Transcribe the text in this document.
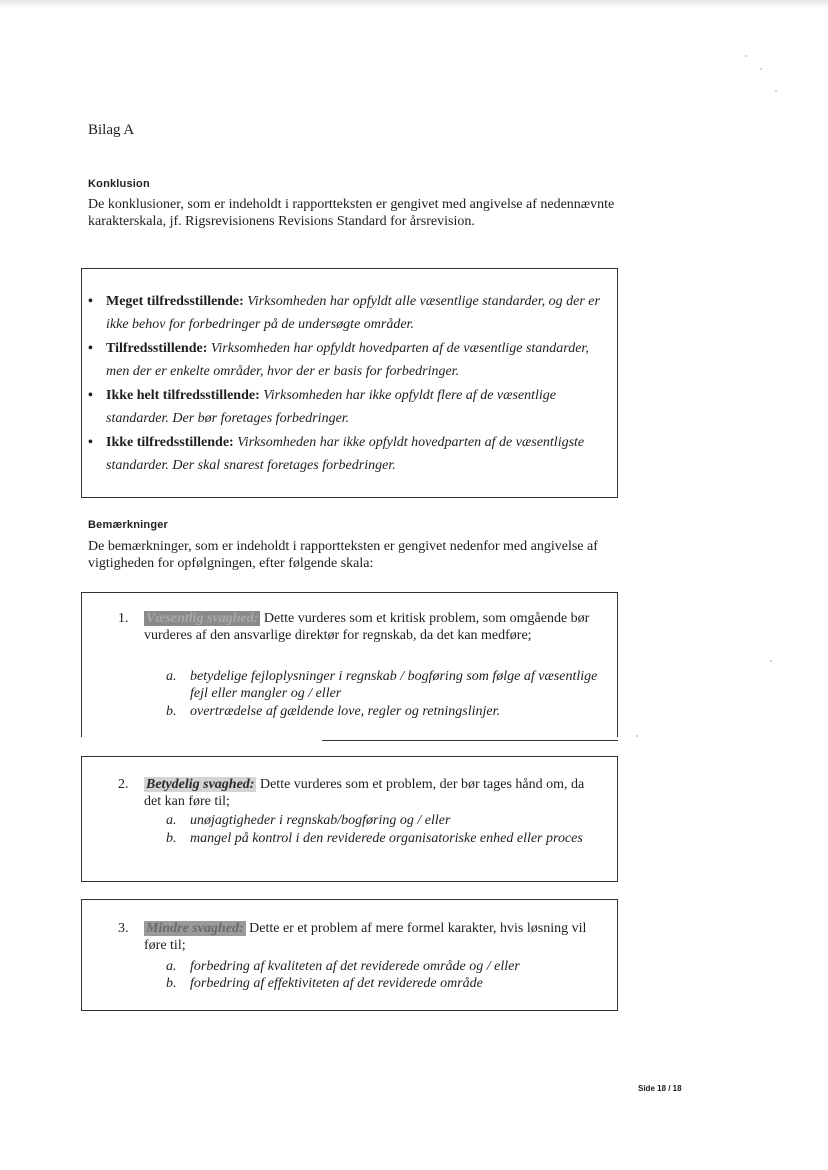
Bilag A
Konklusion

De konklusioner, som er indeholdt i rapportteksten er gengivet med angivelse af nedennævnte karakterskala, jf. Rigsrevisionens Revisions Standard for årsrevision.

• Meget tilfredsstillende: Virksomheden har opfyldt alle væsentlige standarder, og der er ikke behov for forbedringer på de undersøgte områder.
• Tilfredsstillende: Virksomheden har opfyldt hovedparten af de væsentlige standarder, men der er enkelte områder, hvor der er basis for forbedringer.
• Ikke helt tilfredsstillende: Virksomheden har ikke opfyldt flere af de væsentlige standarder. Der bør foretages forbedringer.
• Ikke tilfredsstillende: Virksomheden har ikke opfyldt hovedparten af de væsentligste standarder. Der skal snarest foretages forbedringer.
Bemærkninger

De bemærkninger, som er indeholdt i rapportteksten er gengivet nedenfor med angivelse af vigtigheden for opfølgningen, efter følgende skala:

1. Væsentlig svaghed: Dette vurderes som et kritisk problem, som omgående bør vurderes af den ansvarlige direktør for regnskab, da det kan medføre;
a. betydelige fejloplysninger i regnskab / bogføring som følge af væsentlige fejl eller mangler og / eller
b. overtrædelse af gældende love, regler og retningslinjer.
2. Betydelig svaghed: Dette vurderes som et problem, der bør tages hånd om, da det kan føre til;
a. unøjagtigheder i regnskab/bogføring og / eller
b. mangel på kontrol i den reviderede organisatoriske enhed eller proces
3. Mindre svaghed: Dette er et problem af mere formel karakter, hvis løsning vil føre til;
a. forbedring af kvaliteten af det reviderede område og / eller
b. forbedring af effektiviteten af det reviderede område
Side 18 / 18
